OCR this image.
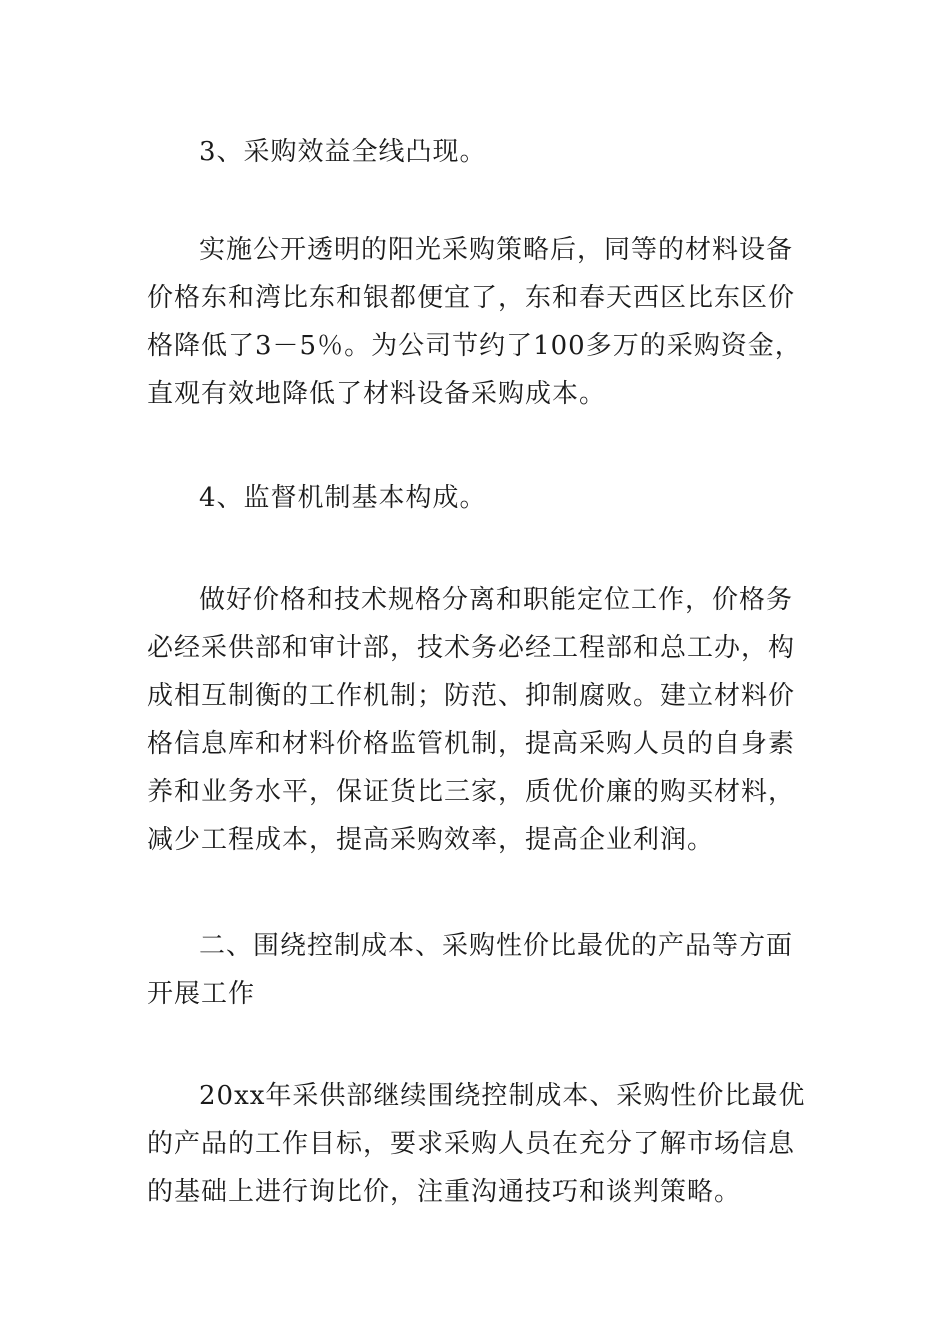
3、采购效益全线凸现。

实施公开透明的阳光采购策略后，同等的材料设备价格东和湾比东和银都便宜了，东和春天西区比东区价格降低了3－5％。为公司节约了100多万的采购资金，直观有效地降低了材料设备采购成本。

4、监督机制基本构成。

做好价格和技术规格分离和职能定位工作，价格务必经采供部和审计部，技术务必经工程部和总工办，构成相互制衡的工作机制；防范、抑制腐败。建立材料价格信息库和材料价格监管机制，提高采购人员的自身素养和业务水平，保证货比三家，质优价廉的购买材料，减少工程成本，提高采购效率，提高企业利润。

二、围绕控制成本、采购性价比最优的产品等方面开展工作

20xx年采供部继续围绕控制成本、采购性价比最优的产品的工作目标，要求采购人员在充分了解市场信息的基础上进行询比价，注重沟通技巧和谈判策略。
